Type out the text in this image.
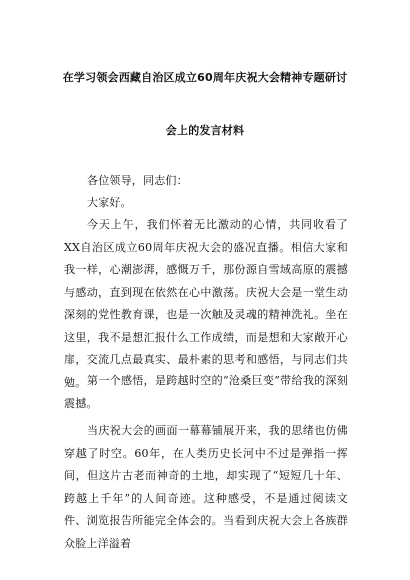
在学习领会西藏自治区成立60周年庆祝大会精神专题研讨
会上的发言材料
各位领导，同志们：
大家好。
今天上午，我们怀着无比激动的心情，共同收看了XX自治区成立60周年庆祝大会的盛况直播。相信大家和我一样，心潮澎湃，感慨万千，那份源自雪域高原的震撼与感动，直到现在依然在心中激荡。庆祝大会是一堂生动深刻的党性教育课，也是一次触及灵魂的精神洗礼。坐在这里，我不是想汇报什么工作成绩，而是想和大家敞开心扉，交流几点最真实、最朴素的思考和感悟，与同志们共勉。 第一个感悟，是跨越时空的“沧桑巨变”带给我的深刻震撼。
当庆祝大会的画面一幕幕铺展开来，我的思绪也仿佛穿越了时空。60年，在人类历史长河中不过是弹指一挥间，但这片古老而神奇的土地，却实现了“短短几十年、跨越上千年”的人间奇迹。这种感受，不是通过阅读文件、浏览报告所能完全体会的。当看到庆祝大会上各族群众脸上洋溢着
